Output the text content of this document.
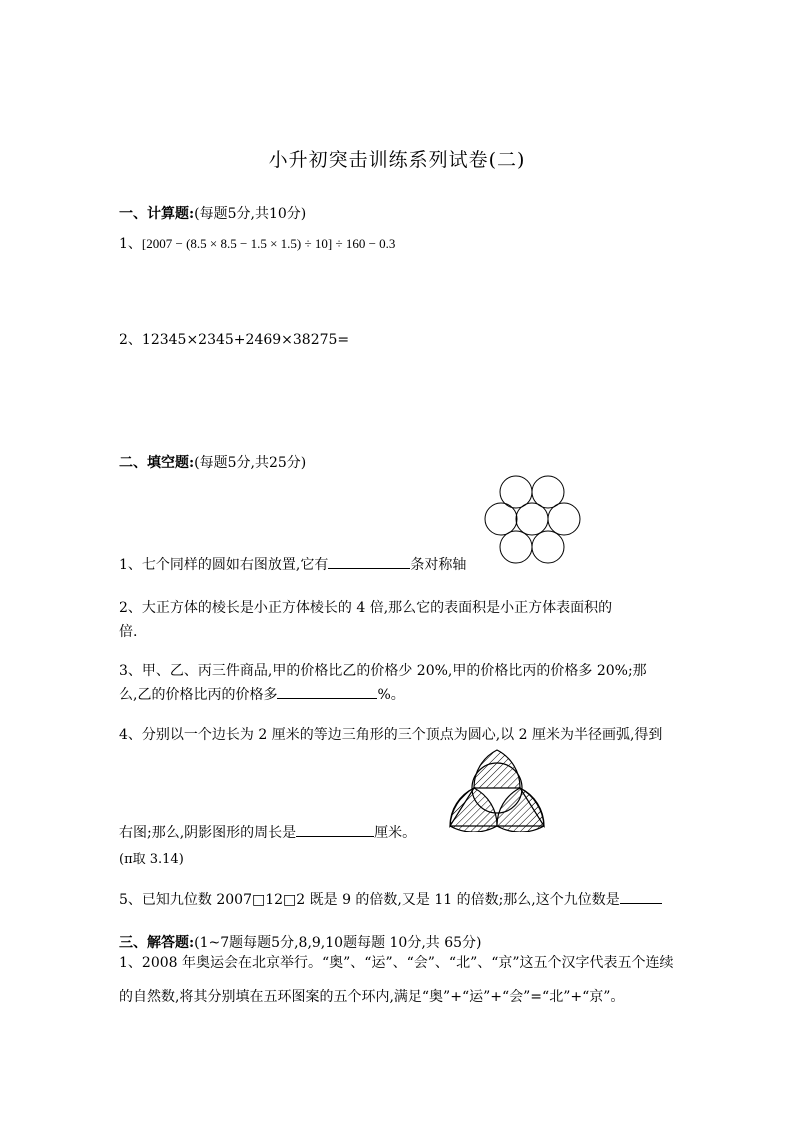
小升初突击训练系列试卷(二)
一、计算题:(每题5分,共10分)
1、[2007 − (8.5 × 8.5 − 1.5 × 1.5) ÷ 10] ÷ 160 − 0.3
2、12345×2345+2469×38275=
二、填空题:(每题5分,共25分)
1、七个同样的圆如右图放置,它有	条对称轴
2、大正方体的棱长是小正方体棱长的 4 倍,那么它的表面积是小正方体表面积的
倍.
3、甲、乙、丙三件商品,甲的价格比乙的价格少 20%,甲的价格比丙的价格多 20%;那
么,乙的价格比丙的价格多	%。
4、分别以一个边长为 2 厘米的等边三角形的三个顶点为圆心,以 2 厘米为半径画弧,得到
右图;那么,阴影图形的周长是	厘米。
(π取 3.14)
5、已知九位数 2007□12□2 既是 9 的倍数,又是 11 的倍数;那么,这个九位数是
三、解答题:(1~7题每题5分,8,9,10题每题 10分,共 65分)
1、2008 年奥运会在北京举行。“奥”、“运”、“会”、“北”、“京”这五个汉字代表五个连续
的自然数,将其分别填在五环图案的五个环内,满足“奥”+“运”+“会”=“北”+“京”。
